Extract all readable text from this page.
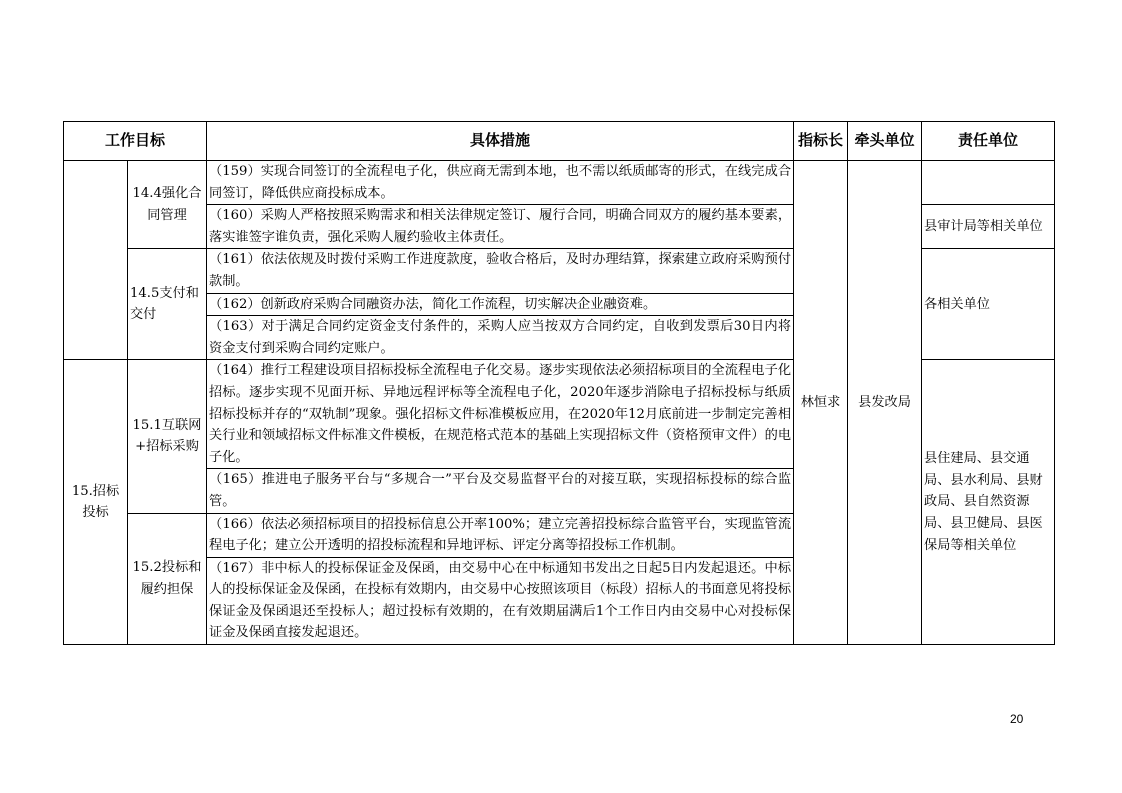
工作目标		具体措施	指标长	牵头单位	责任单位
	14.4强化合同管理	（159）实现合同签订的全流程电子化，供应商无需到本地，也不需以纸质邮寄的形式，在线完成合同签订，降低供应商投标成本。	林恒求	县发改局	
		（160）采购人严格按照采购需求和相关法律规定签订、履行合同，明确合同双方的履约基本要素，落实谁签字谁负责，强化采购人履约验收主体责任。			县审计局等相关单位
	14.5支付和交付	（161）依法依规及时拨付采购工作进度款度，验收合格后，及时办理结算，探索建立政府采购预付款制。			各相关单位
		（162）创新政府采购合同融资办法，简化工作流程，切实解决企业融资难。			
		（163）对于满足合同约定资金支付条件的，采购人应当按双方合同约定，自收到发票后30日内将资金支付到采购合同约定账户。			
15.招标投标	15.1互联网+招标采购	（164）推行工程建设项目招标投标全流程电子化交易。逐步实现依法必须招标项目的全流程电子化招标。逐步实现不见面开标、异地远程评标等全流程电子化，2020年逐步消除电子招标投标与纸质招标投标并存的“双轨制”现象。强化招标文件标准模板应用，在2020年12月底前进一步制定完善相关行业和领域招标文件标准文件模板，在规范格式范本的基础上实现招标文件（资格预审文件）的电子化。			县住建局、县交通局、县水利局、县财政局、县自然资源局、县卫健局、县医保局等相关单位
		（165）推进电子服务平台与“多规合一”平台及交易监督平台的对接互联，实现招标投标的综合监管。			
	15.2投标和履约担保	（166）依法必须招标项目的招投标信息公开率100%；建立完善招投标综合监管平台，实现监管流程电子化；建立公开透明的招投标流程和异地评标、评定分离等招投标工作机制。			
		（167）非中标人的投标保证金及保函，由交易中心在中标通知书发出之日起5日内发起退还。中标人的投标保证金及保函，在投标有效期内，由交易中心按照该项目（标段）招标人的书面意见将投标保证金及保函退还至投标人；超过投标有效期的，在有效期届满后1个工作日内由交易中心对投标保证金及保函直接发起退还。			
20
